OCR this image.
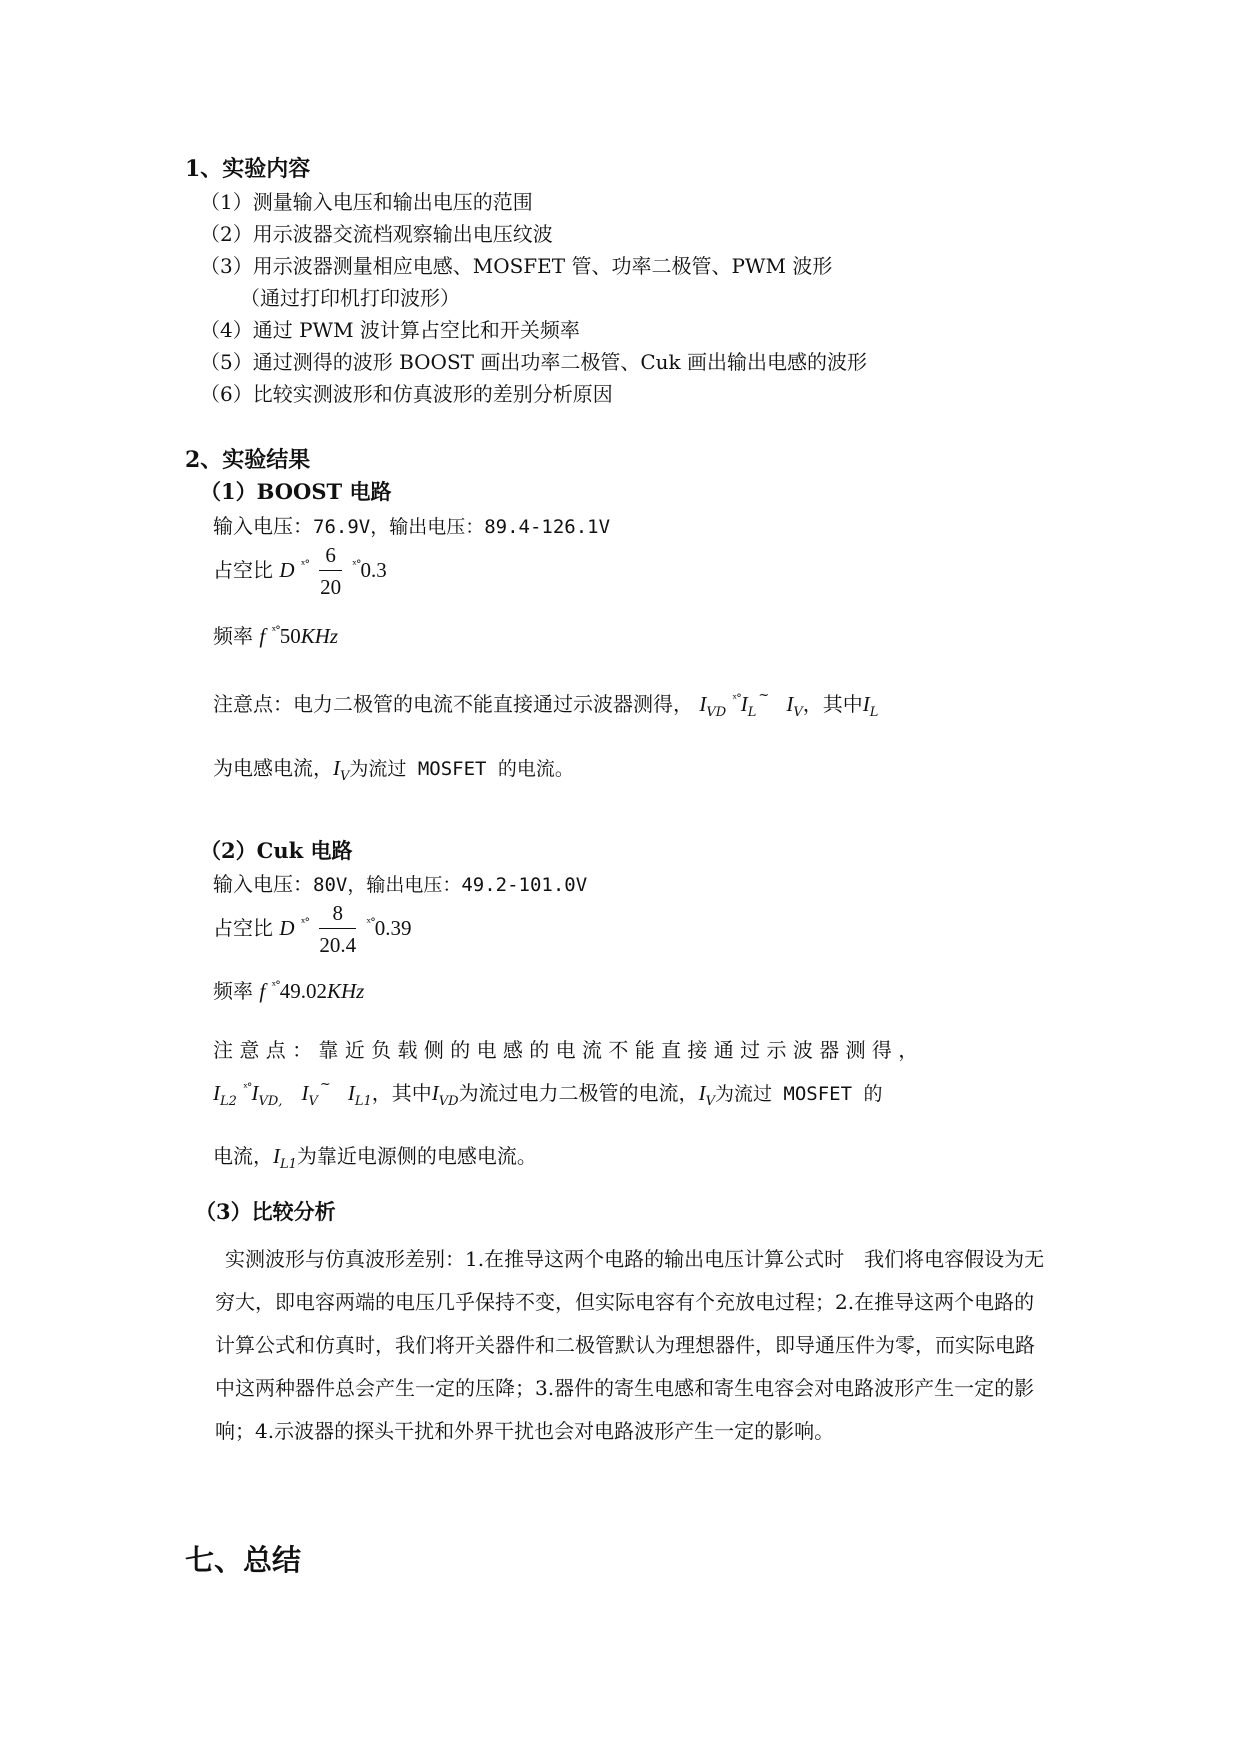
1、实验内容
（1）测量输入电压和输出电压的范围
（2）用示波器交流档观察输出电压纹波
（3）用示波器测量相应电感、MOSFET 管、功率二极管、PWM 波形
（通过打印机打印波形）
（4）通过 PWM 波计算占空比和开关频率
（5）通过测得的波形 BOOST 画出功率二极管、Cuk 画出输出电感的波形
（6）比较实测波形和仿真波形的差别分析原因
2、实验结果
（1）BOOST 电路
输入电压：76.9V，输出电压：89.4-126.1V
占空比 D $^{ˣ^\circ} \frac{6}{20} ^{ˣ^\circ}0.3$
频率 f $^{ˣ^\circ}$50KHz
注意点：电力二极管的电流不能直接通过示波器测得， $I_{VD}$ $^{ˣ^\circ}I_L^\sim$ $I_V$，其中$I_L$
为电感电流，$I_V$为流过 MOSFET 的电流。
（2）Cuk 电路
输入电压：80V，输出电压：49.2-101.0V
占空比 D $^{ˣ^\circ} \frac{8}{20.4} ^{ˣ^\circ}0.39$
频率 f $^{ˣ^\circ}$49.02KHz
注 意 点 ： 靠 近 负 载 侧 的 电 感 的 电 流 不 能 直 接 通 过 示 波 器 测 得 ，
$I_{L2}$ $^{ˣ^\circ}I_{VD,}$ $I_V^\sim$ $I_{L1}$，其中$I_{VD}$为流过电力二极管的电流，$I_V$为流过 MOSFET 的
电流，$I_{L1}$为靠近电源侧的电感电流。
（3）比较分析
实测波形与仿真波形差别：1.在推导这两个电路的输出电压计算公式时　我们将电容假设为无穷大，即电容两端的电压几乎保持不变，但实际电容有个充放电过程；2.在推导这两个电路的计算公式和仿真时，我们将开关器件和二极管默认为理想器件，即导通压件为零，而实际电路中这两种器件总会产生一定的压降；3.器件的寄生电感和寄生电容会对电路波形产生一定的影响；4.示波器的探头干扰和外界干扰也会对电路波形产生一定的影响。
七、总结
